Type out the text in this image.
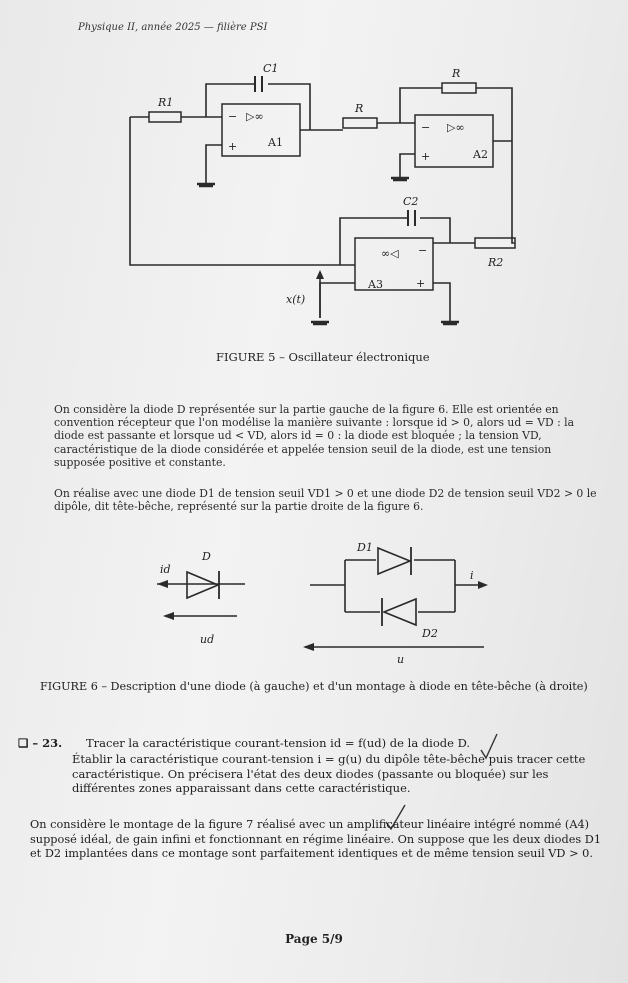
Physique II, année 2025 — filière PSI
C1
R1	R
R
A1
A2
A3
C2
R2
x(t)
▷∞
▷∞
∞◁
−
+
−
+
−
+
D
id
ud
D1
D2
u
i
FIGURE 5 – Oscillateur électronique
On considère la diode D représentée sur la partie gauche de la figure 6. Elle est orientée en convention récepteur que l'on modélise la manière suivante : lorsque id > 0, alors ud = VD : la diode est passante et lorsque ud < VD, alors id = 0 : la diode est bloquée ; la tension VD, caractéristique de la diode considérée et appelée tension seuil de la diode, est une tension supposée positive et constante.
On réalise avec une diode D1 de tension seuil VD1 > 0 et une diode D2 de tension seuil VD2 > 0 le dipôle, dit tête-bêche, représenté sur la partie droite de la figure 6.
FIGURE 6 – Description d'une diode (à gauche) et d'un montage à diode en tête-bêche (à droite)
❑ – 23. Tracer la caractéristique courant-tension id = f(ud) de la diode D.
Établir la caractéristique courant-tension i = g(u) du dipôle tête-bêche puis tracer cette caractéristique. On précisera l'état des deux diodes (passante ou bloquée) sur les différentes zones apparaissant dans cette caractéristique.
On considère le montage de la figure 7 réalisé avec un amplificateur linéaire intégré nommé (A4) supposé idéal, de gain infini et fonctionnant en régime linéaire. On suppose que les deux diodes D1 et D2 implantées dans ce montage sont parfaitement identiques et de même tension seuil VD > 0.
Page 5/9
